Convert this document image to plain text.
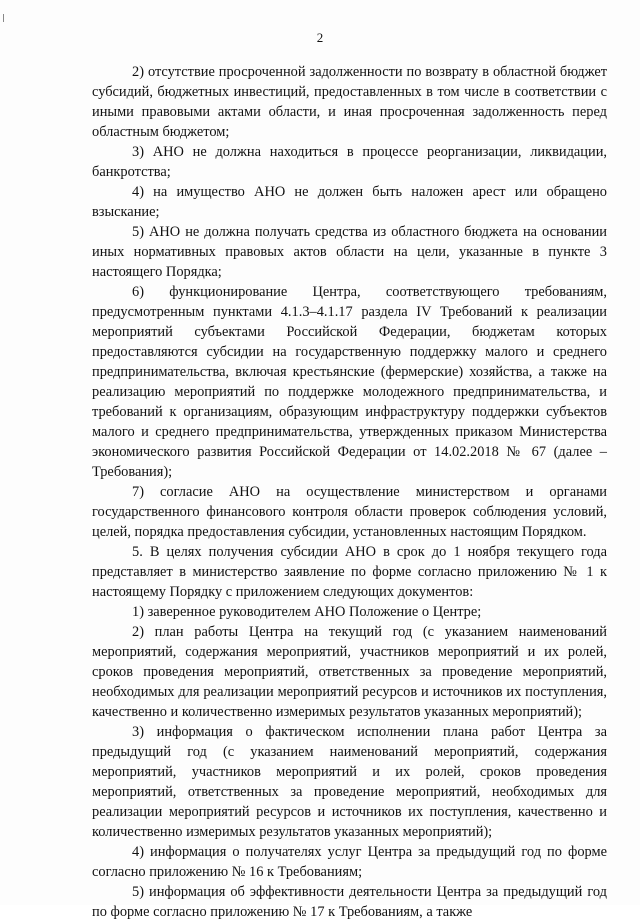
2

2) отсутствие просроченной задолженности по возврату в областной бюджет субсидий, бюджетных инвестиций, предоставленных в том числе в соответствии с иными правовыми актами области, и иная просроченная задолженность перед областным бюджетом;

3) АНО не должна находиться в процессе реорганизации, ликвидации, банкротства;

4) на имущество АНО не должен быть наложен арест или обращено взыскание;

5) АНО не должна получать средства из областного бюджета на основании иных нормативных правовых актов области на цели, указанные в пункте 3 настоящего Порядка;

6) функционирование Центра, соответствующего требованиям, предусмотренным пунктами 4.1.3–4.1.17 раздела IV Требований к реализации мероприятий субъектами Российской Федерации, бюджетам которых предоставляются субсидии на государственную поддержку малого и среднего предпринимательства, включая крестьянские (фермерские) хозяйства, а также на реализацию мероприятий по поддержке молодежного предпринимательства, и требований к организациям, образующим инфраструктуру поддержки субъектов малого и среднего предпринимательства, утвержденных приказом Министерства экономического развития Российской Федерации от 14.02.2018 № 67 (далее – Требования);

7) согласие АНО на осуществление министерством и органами государственного финансового контроля области проверок соблюдения условий, целей, порядка предоставления субсидии, установленных настоящим Порядком.

5. В целях получения субсидии АНО в срок до 1 ноября текущего года представляет в министерство заявление по форме согласно приложению № 1 к настоящему Порядку с приложением следующих документов:

1) заверенное руководителем АНО Положение о Центре;

2) план работы Центра на текущий год (с указанием наименований мероприятий, содержания мероприятий, участников мероприятий и их ролей, сроков проведения мероприятий, ответственных за проведение мероприятий, необходимых для реализации мероприятий ресурсов и источников их поступления, качественно и количественно измеримых результатов указанных мероприятий);

3) информация о фактическом исполнении плана работ Центра за предыдущий год (с указанием наименований мероприятий, содержания мероприятий, участников мероприятий и их ролей, сроков проведения мероприятий, ответственных за проведение мероприятий, необходимых для реализации мероприятий ресурсов и источников их поступления, качественно и количественно измеримых результатов указанных мероприятий);

4) информация о получателях услуг Центра за предыдущий год по форме согласно приложению № 16 к Требованиям;

5) информация об эффективности деятельности Центра за предыдущий год по форме согласно приложению № 17 к Требованиям, а также
